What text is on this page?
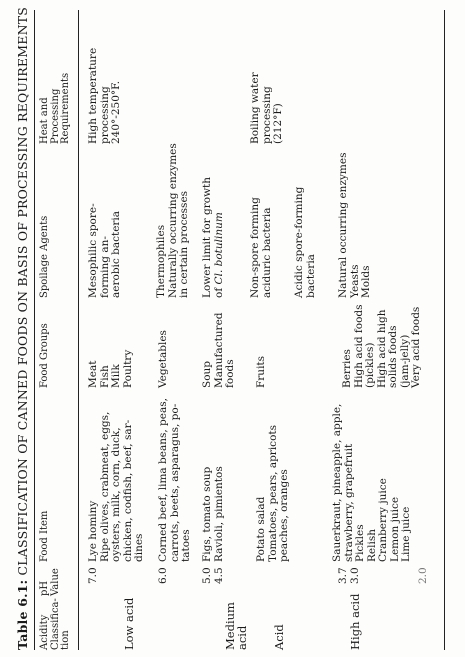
Table 6.1: CLASSIFICATION OF CANNED FOODS ON BASIS OF PROCESSING REQUIREMENTS
Acidity
Classifica-
tion
pH
Value
Food Item
Food Groups
Spoilage Agents
Heat and
Processing
Requirements
Low acid
7.0
Lye hominy
Ripe olives, crabmeat, eggs,
oysters, milk, corn, duck,
chicken, codfish, beef, sar-
dines
Meat
Fish
Milk
Poultry
Mesophilic spore-
forming an-
aerobic bacteria
High temperature
processing
240°-250°F.
6.0
Corned beef, lima beans, peas,
carrots, beets, asparagus, po-
tatoes
Vegetables
Thermophiles
Naturally occurring enzymes
in certain processes
Medium
acid
5.0
4.5
Figs, tomato soup
Ravioli, pimientos
Soup
Manufactured
foods
Lower limit for growth
of Cl. botulinum
Acid
Potato salad
Tomatoes, pears, apricots
peaches, oranges
Fruits
Non-spore forming
aciduric bacteria
Acidic spore-forming
bacteria
Boiling water
processing
(212°F)
High acid
3.7 3.0	2.0
Sauerkraut, pineapple, apple,
strawberry, grapefruit
Pickles
Relish
Cranberry juice
Lemon juice
Lime juice
Berries
High acid foods
(pickles)
High acid high
solids foods
(jam-jelly)
Very acid foods
Natural occurring enzymes
Yeasts
Molds
